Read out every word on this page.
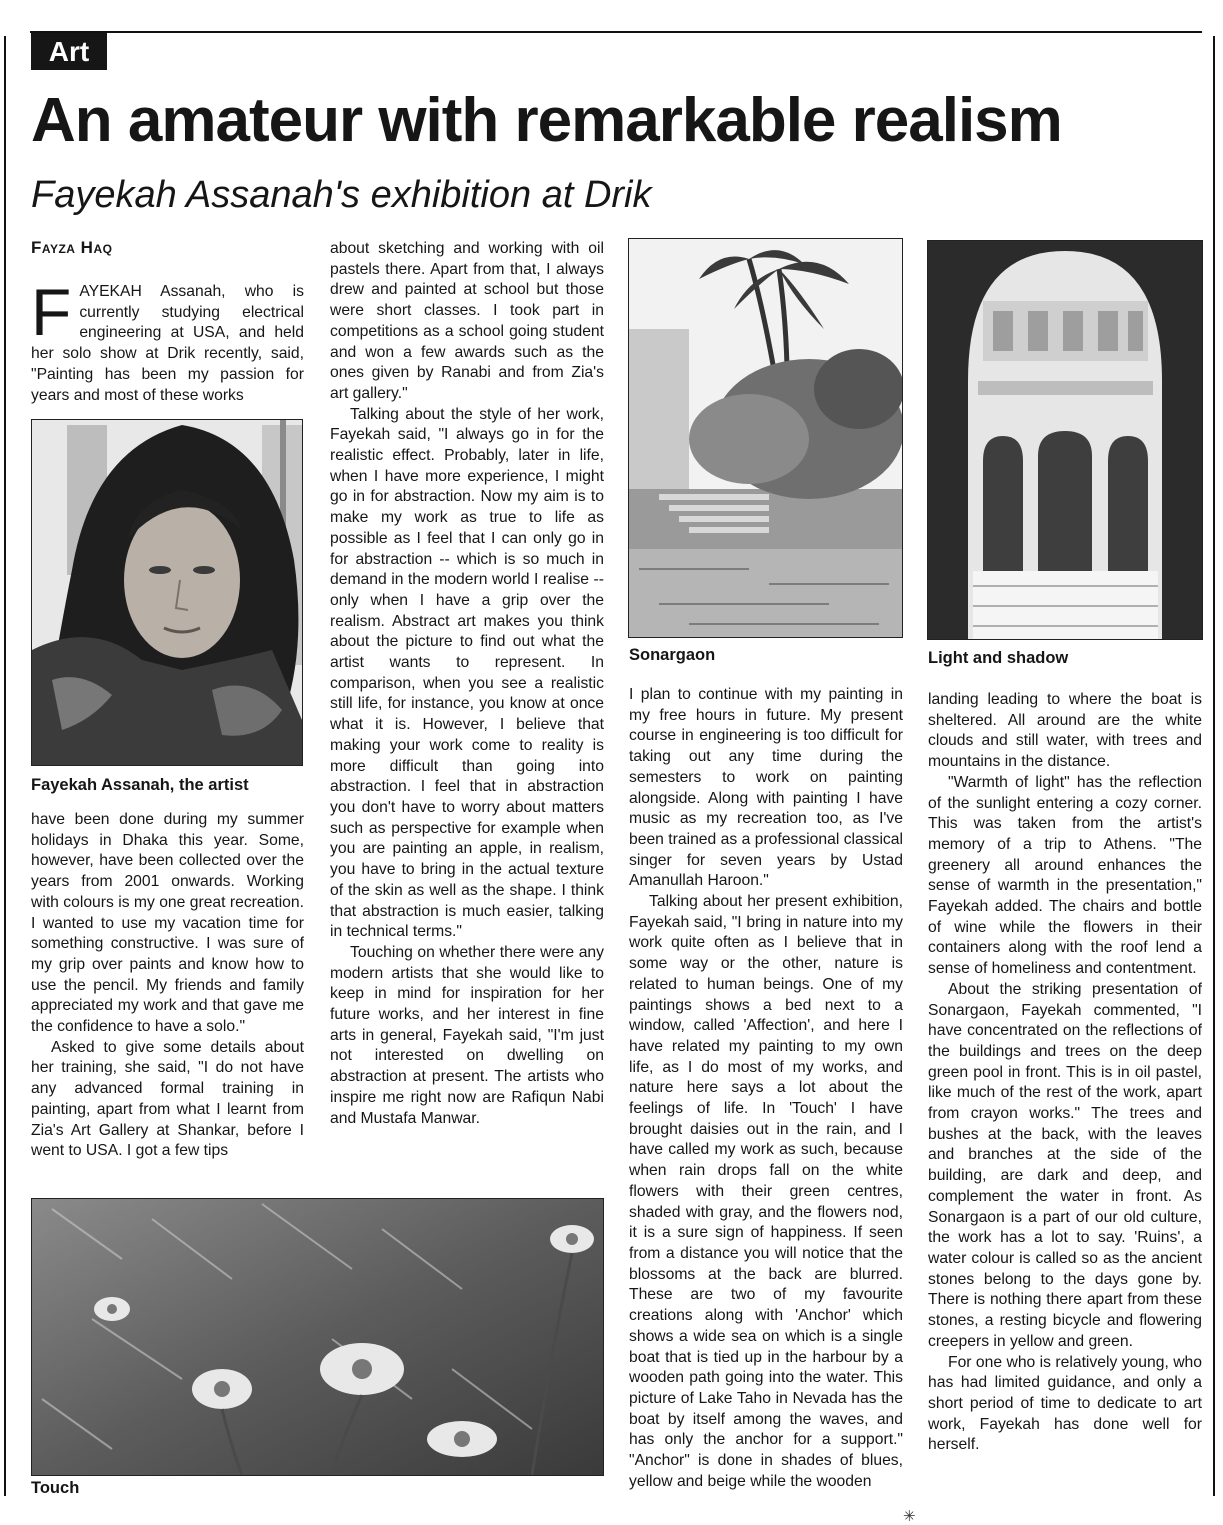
Art
An amateur with remarkable realism
Fayekah Assanah's exhibition at Drik
Fayza Haq

FAYEKAH Assanah, who is currently studying electrical engineering at USA, and held her solo show at Drik recently, said, "Painting has been my passion for years and most of these works

Fayekah Assanah, the artist

have been done during my summer holidays in Dhaka this year. Some, however, have been collected over the years from 2001 onwards. Working with colours is my one great recreation. I wanted to use my vacation time for something constructive. I was sure of my grip over paints and know how to use the pencil. My friends and family appreciated my work and that gave me the confidence to have a solo."

Asked to give some details about her training, she said, "I do not have any advanced formal training in painting, apart from what I learnt from Zia's Art Gallery at Shankar, before I went to USA. I got a few tips

about sketching and working with oil pastels there. Apart from that, I always drew and painted at school but those were short classes. I took part in competitions as a school going student and won a few awards such as the ones given by Ranabi and from Zia's art gallery."

Talking about the style of her work, Fayekah said, "I always go in for the realistic effect. Probably, later in life, when I have more experience, I might go in for abstraction. Now my aim is to make my work as true to life as possible as I feel that I can only go in for abstraction -- which is so much in demand in the modern world I realise -- only when I have a grip over the realism. Abstract art makes you think about the picture to find out what the artist wants to represent. In comparison, when you see a realistic still life, for instance, you know at once what it is. However, I believe that making your work come to reality is more difficult than going into abstraction. I feel that in abstraction you don't have to worry about matters such as perspective for example when you are painting an apple, in realism, you have to bring in the actual texture of the skin as well as the shape. I think that abstraction is much easier, talking in technical terms."

Touching on whether there were any modern artists that she would like to keep in mind for inspiration for her future works, and her interest in fine arts in general, Fayekah said, "I'm just not interested on dwelling on abstraction at present. The artists who inspire me right now are Rafiqun Nabi and Mustafa Manwar.

Sonargaon	Light and shadow

I plan to continue with my painting in my free hours in future. My present course in engineering is too difficult for taking out any time during the semesters to work on painting alongside. Along with painting I have music as my recreation too, as I've been trained as a professional classical singer for seven years by Ustad Amanullah Haroon."

Talking about her present exhibition, Fayekah said, "I bring in nature into my work quite often as I believe that in some way or the other, nature is related to human beings. One of my paintings shows a bed next to a window, called 'Affection', and here I have related my painting to my own life, as I do most of my works, and nature here says a lot about the feelings of life. In 'Touch' I have brought daisies out in the rain, and I have called my work as such, because when rain drops fall on the white flowers with their green centres, shaded with gray, and the flowers nod, it is a sure sign of happiness. If seen from a distance you will notice that the blossoms at the back are blurred. These are two of my favourite creations along with 'Anchor' which shows a wide sea on which is a single boat that is tied up in the harbour by a wooden path going into the water. This picture of Lake Taho in Nevada has the boat by itself among the waves, and has only the anchor for a support." "Anchor" is done in shades of blues, yellow and beige while the wooden

landing leading to where the boat is sheltered. All around are the white clouds and still water, with trees and mountains in the distance.

"Warmth of light" has the reflection of the sunlight entering a cozy corner. This was taken from the artist's memory of a trip to Athens. "The greenery all around enhances the sense of warmth in the presentation," Fayekah added. The chairs and bottle of wine while the flowers in their containers along with the roof lend a sense of homeliness and contentment.

About the striking presentation of Sonargaon, Fayekah commented, "I have concentrated on the reflections of the buildings and trees on the deep green pool in front. This is in oil pastel, like much of the rest of the work, apart from crayon works." The trees and bushes at the back, with the leaves and branches at the side of the building, are dark and deep, and complement the water in front. As Sonargaon is a part of our old culture, the work has a lot to say. 'Ruins', a water colour is called so as the ancient stones belong to the days gone by. There is nothing there apart from these stones, a resting bicycle and flowering creepers in yellow and green.

For one who is relatively young, who has had limited guidance, and only a short period of time to dedicate to art work, Fayekah has done well for herself.

Touch
✳
